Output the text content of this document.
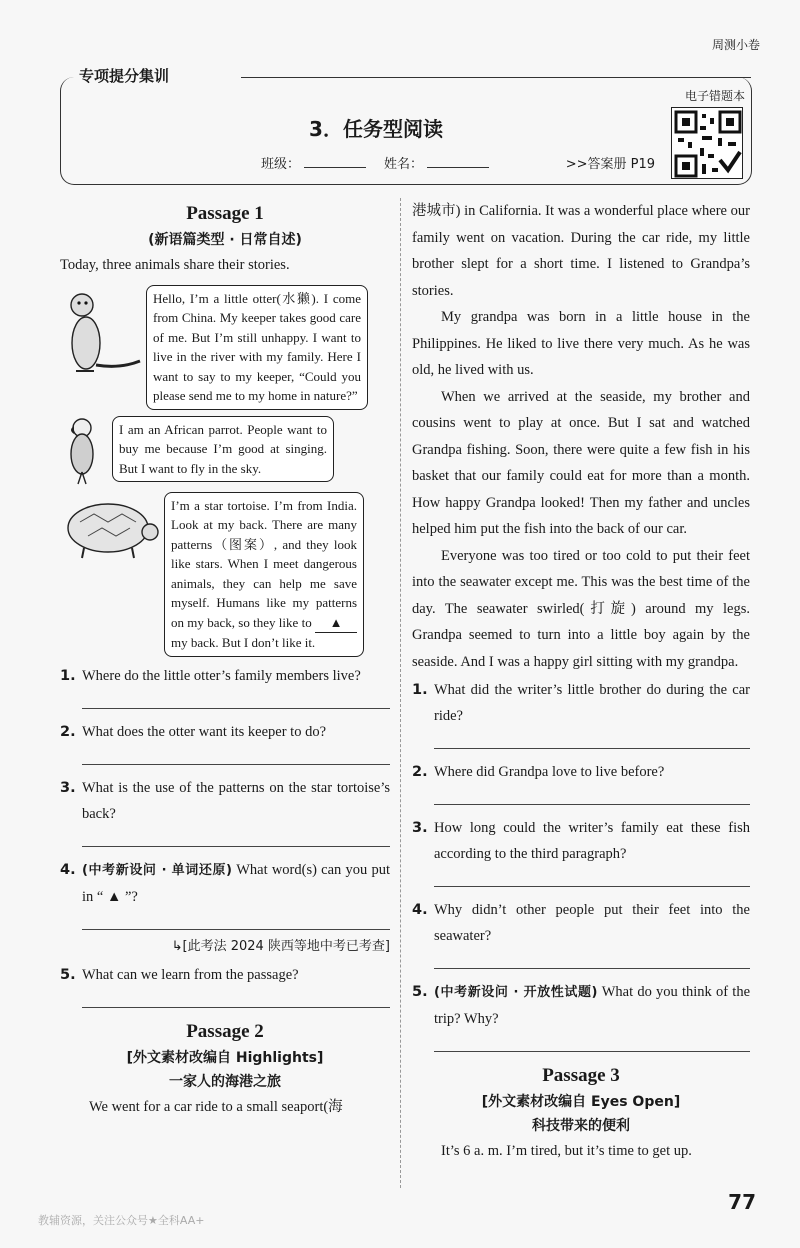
周测小卷
专项提分集训
3．任务型阅读
班级：	姓名：	>>答案册 P19
电子错题本
Passage 1
(新语篇类型 · 日常自述)
Today, three animals share their stories.
Hello, I’m a little otter(水獭). I come from China. My keeper takes good care of me. But I’m still unhappy. I want to live in the river with my family. Here I want to say to my keeper, “Could you please send me to my home in nature?”
I am an African parrot. People want to buy me because I’m good at singing. But I want to fly in the sky.
I’m a star tortoise. I’m from India. Look at my back. There are many patterns（图案）, and they look like stars. When I meet dangerous animals, they can help me save myself. Humans like my patterns on my back, so they like to ▲ my back. But I don’t like it.
1. Where do the little otter’s family members live?
2. What does the otter want its keeper to do?
3. What is the use of the patterns on the star tortoise’s back?
4. (中考新设问 · 单词还原) What word(s) can you put in “ ▲ ”?
↳[此考法 2024 陕西等地中考已考查]
5. What can we learn from the passage?
Passage 2
[外文素材改编自 Highlights]
一家人的海港之旅
We went for a car ride to a small seaport(海
港城市) in California. It was a wonderful place where our family went on vacation. During the car ride, my little brother slept for a short time. I listened to Grandpa’s stories.
My grandpa was born in a little house in the Philippines. He liked to live there very much. As he was old, he lived with us.
When we arrived at the seaside, my brother and cousins went to play at once. But I sat and watched Grandpa fishing. Soon, there were quite a few fish in his basket that our family could eat for more than a month. How happy Grandpa looked! Then my father and uncles helped him put the fish into the back of our car.
Everyone was too tired or too cold to put their feet into the seawater except me. This was the best time of the day. The seawater swirled(打旋) around my legs. Grandpa seemed to turn into a little boy again by the seaside. And I was a happy girl sitting with my grandpa.
1. What did the writer’s little brother do during the car ride?
2. Where did Grandpa love to live before?
3. How long could the writer’s family eat these fish according to the third paragraph?
4. Why didn’t other people put their feet into the seawater?
5. (中考新设问 · 开放性试题) What do you think of the trip? Why?
Passage 3
[外文素材改编自 Eyes Open]
科技带来的便利
It’s 6 a. m. I’m tired, but it’s time to get up.
77
教辅资源，关注公众号★全科AA+
